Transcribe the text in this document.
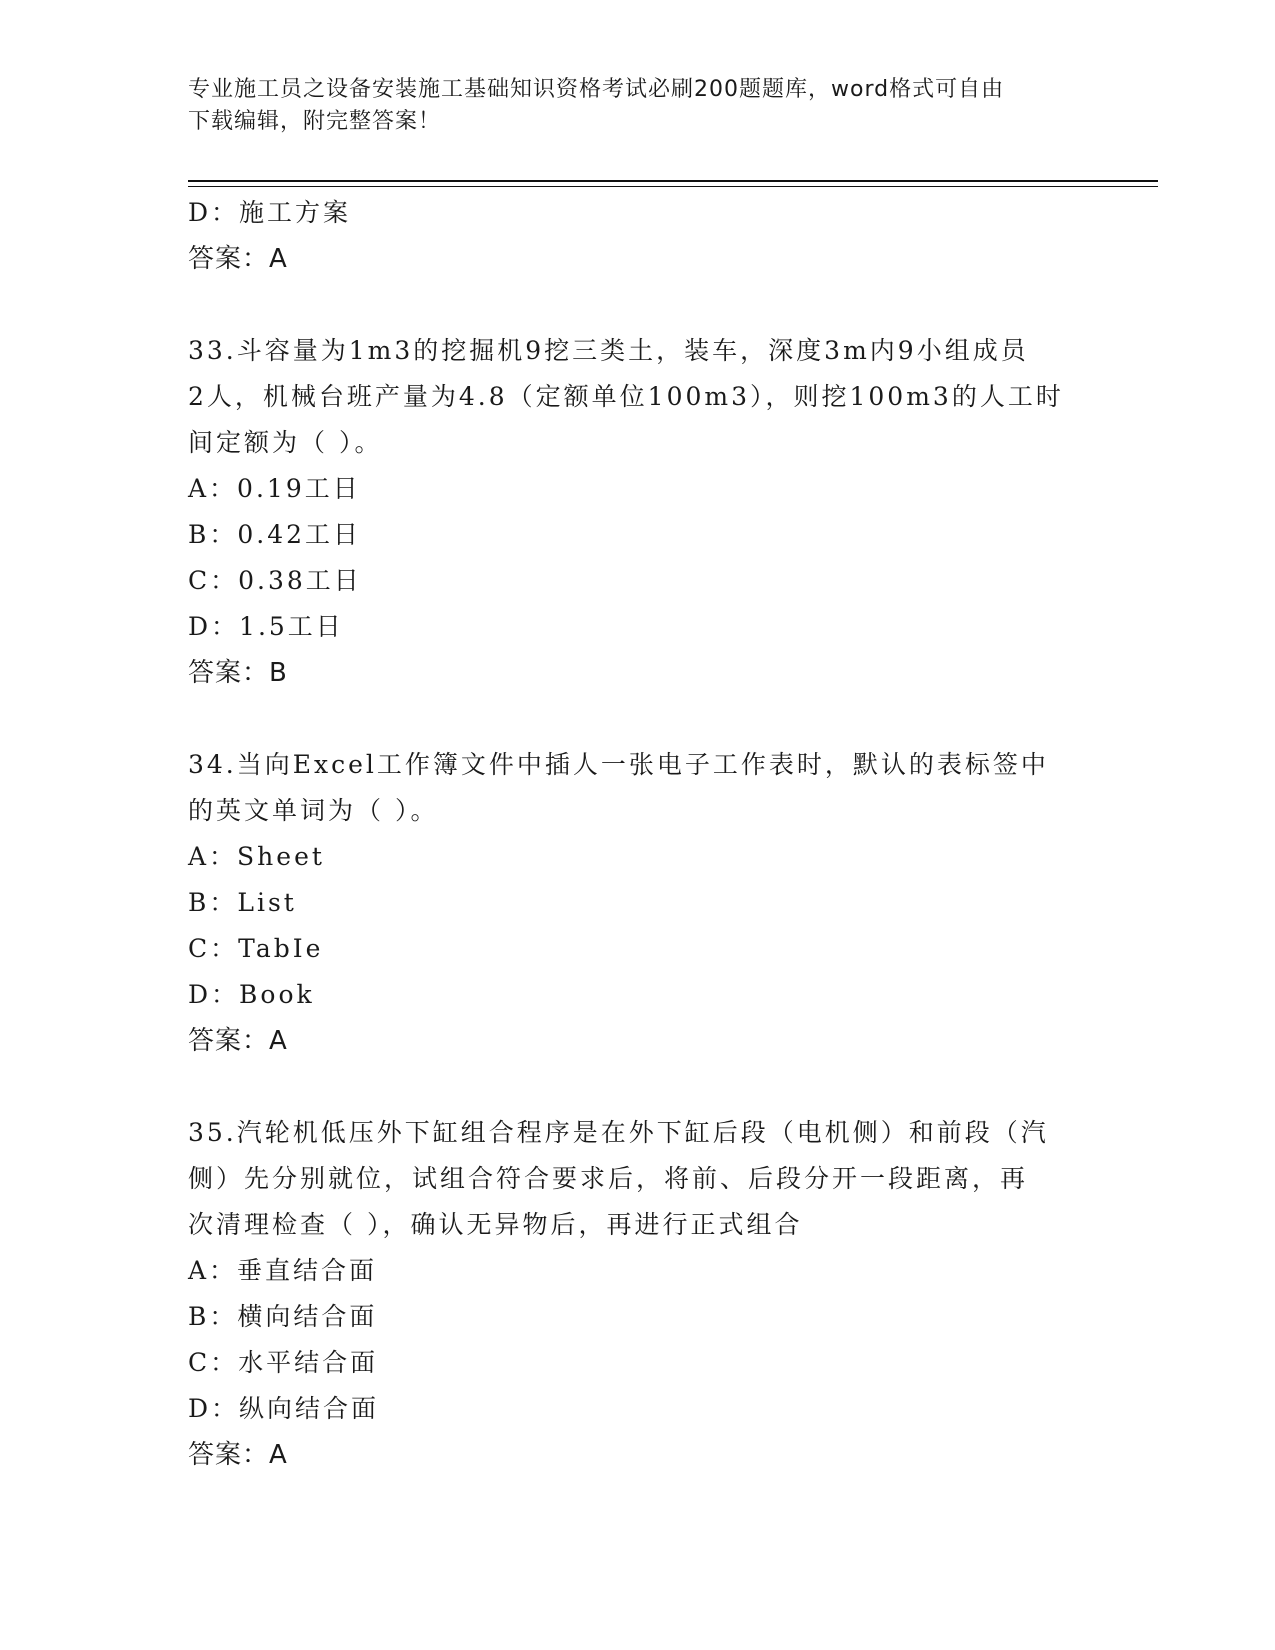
专业施工员之设备安装施工基础知识资格考试必刷200题题库，word格式可自由
下载编辑，附完整答案！
D：施工方案
答案：A
33.斗容量为1m3的挖掘机9挖三类土，装车，深度3m内9小组成员
2人，机械台班产量为4.8（定额单位100m3），则挖100m3的人工时
间定额为（ ）。
A：0.19工日
B：0.42工日
C：0.38工日
D：1.5工日
答案：B
34.当向Excel工作簿文件中插人一张电子工作表时，默认的表标签中
的英文单词为（ ）。
A：Sheet
B：List
C：TabIe
D：Book
答案：A
35.汽轮机低压外下缸组合程序是在外下缸后段（电机侧）和前段（汽
侧）先分别就位，试组合符合要求后，将前、后段分开一段距离，再
次清理检查（ ），确认无异物后，再进行正式组合
A：垂直结合面
B：横向结合面
C：水平结合面
D：纵向结合面
答案：A
